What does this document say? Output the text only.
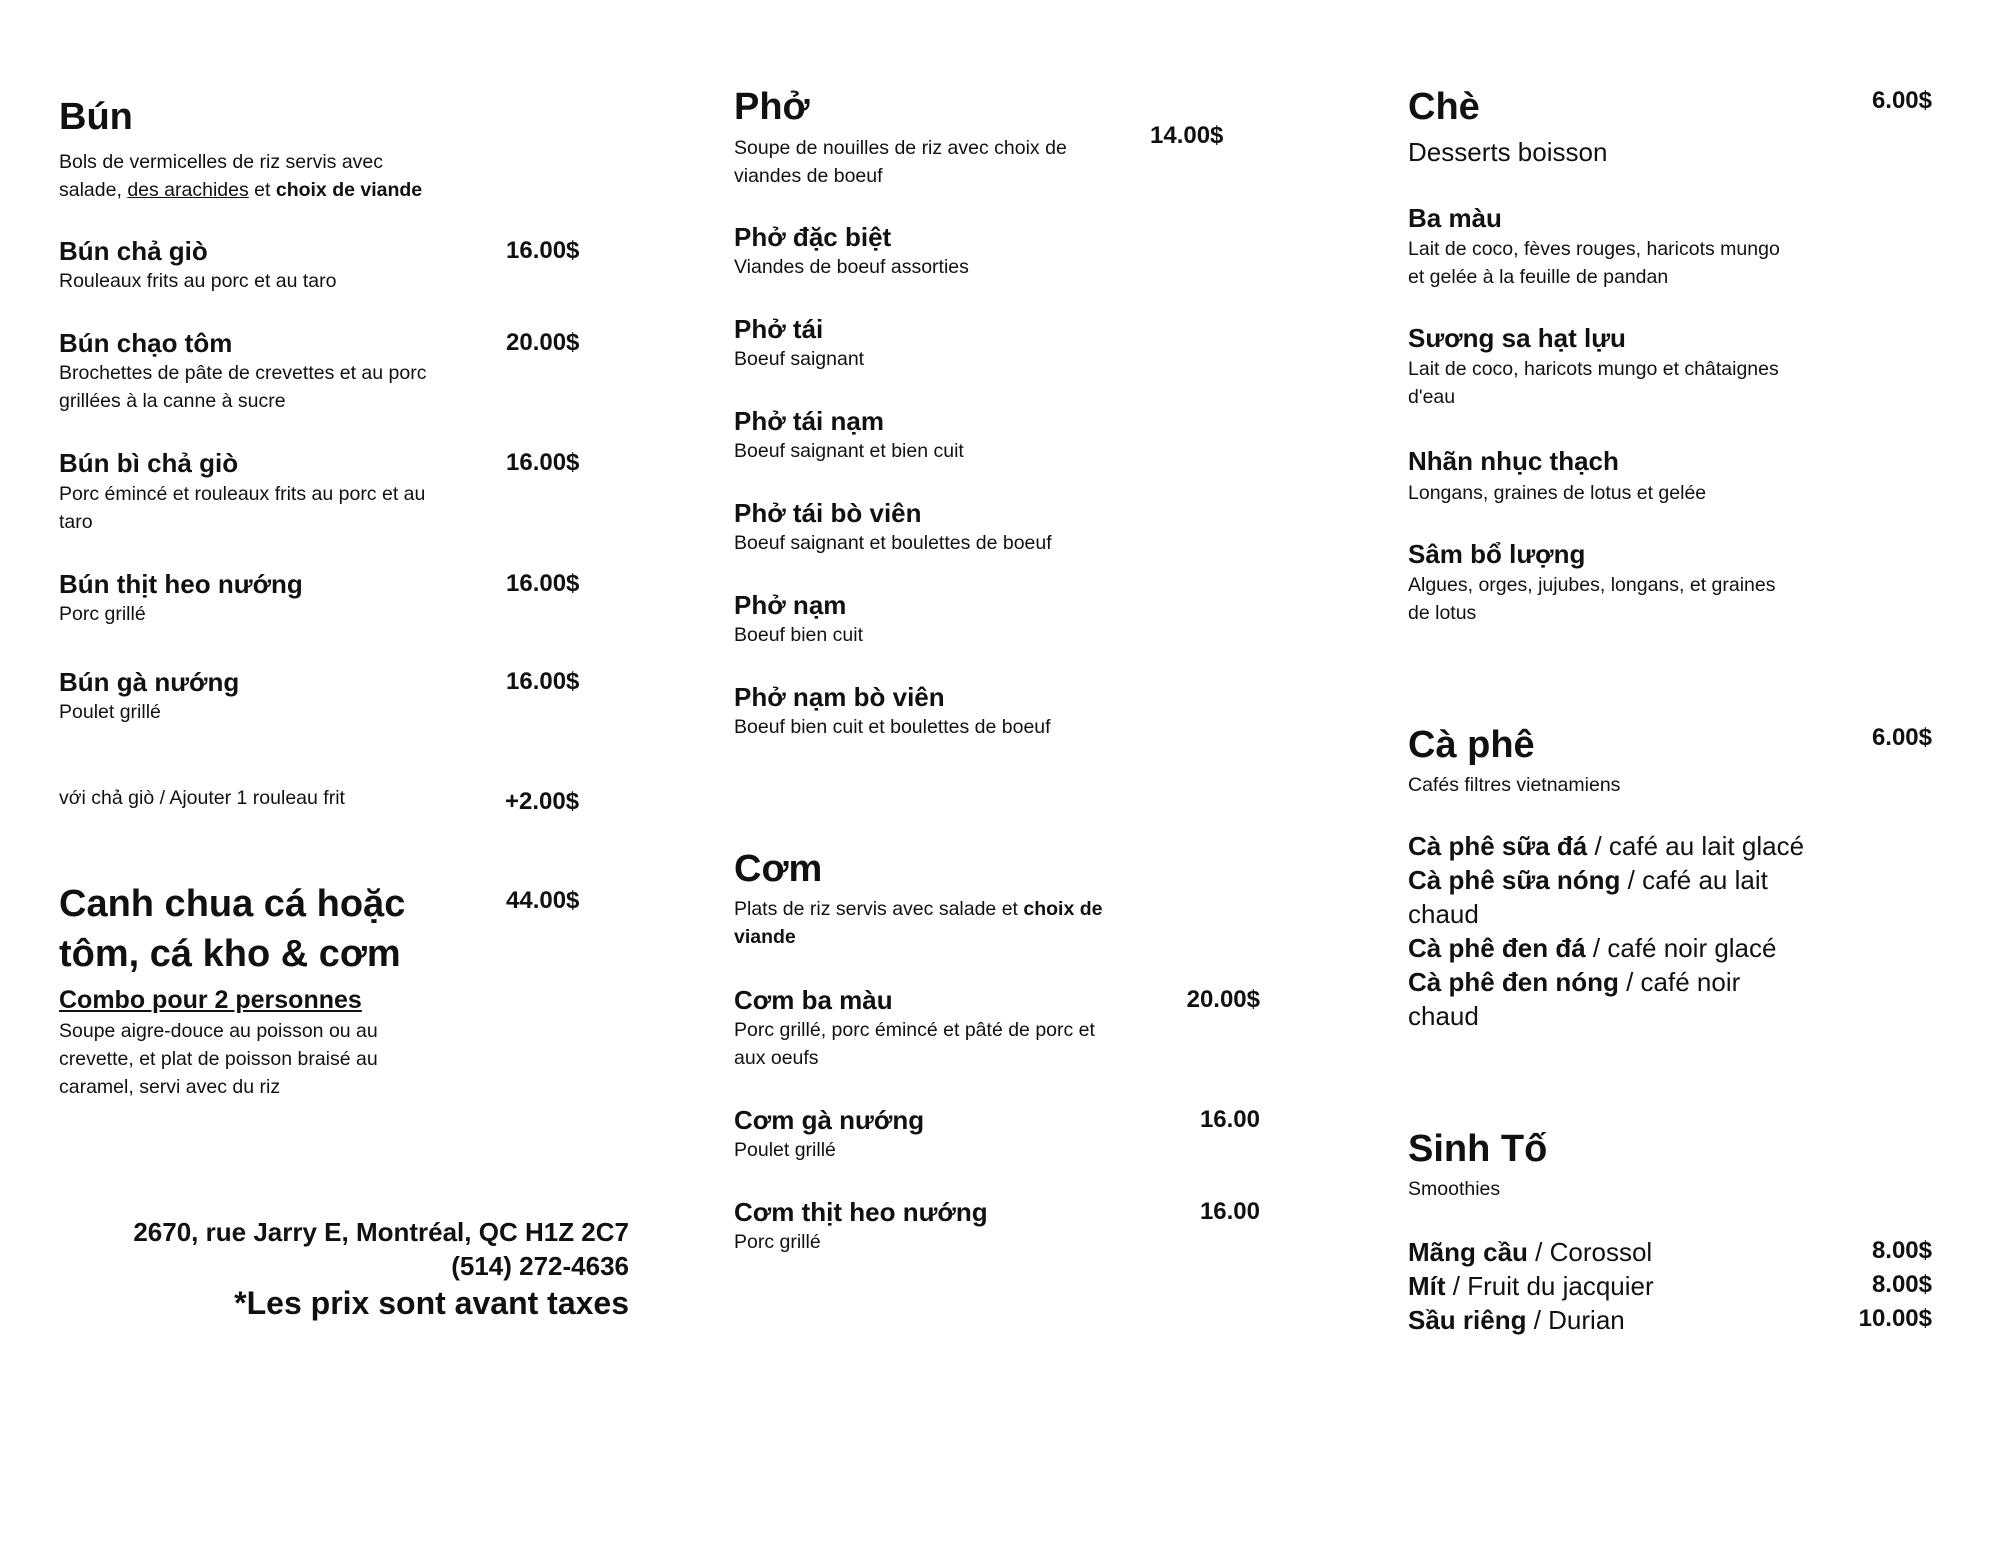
Bún
Bols de vermicelles de riz servis avec
salade, des arachides et choix de viande
Bún chả giò	16.00$
Rouleaux frits au porc et au taro
Bún chạo tôm	20.00$
Brochettes de pâte de crevettes et au porc
grillées à la canne à sucre
Bún bì chả giò	16.00$
Porc émincé et rouleaux frits au porc et au
taro
Bún thịt heo nướng	16.00$
Porc grillé
Bún gà nướng	16.00$
Poulet grillé
với chả giò / Ajouter 1 rouleau frit	+2.00$
Canh chua cá hoặc
tôm, cá kho & cơm
44.00$
Combo pour 2 personnes
Soupe aigre-douce au poisson ou au
crevette, et plat de poisson braisé au
caramel, servi avec du riz
2670, rue Jarry E, Montréal, QC H1Z 2C7
(514) 272-4636
*Les prix sont avant taxes
Phở
14.00$
Soupe de nouilles de riz avec choix de
viandes de boeuf
Phở đặc biệt
Viandes de boeuf assorties
Phở tái
Boeuf saignant
Phở tái nạm
Boeuf saignant et bien cuit
Phở tái bò viên
Boeuf saignant et boulettes de boeuf
Phở nạm
Boeuf bien cuit
Phở nạm bò viên
Boeuf bien cuit et boulettes de boeuf
Cơm
Plats de riz servis avec salade et choix de
viande
Cơm ba màu	20.00$
Porc grillé, porc émincé et pâté de porc et
aux oeufs
Cơm gà nướng	16.00
Poulet grillé
Cơm thịt heo nướng	16.00
Porc grillé
Chè	6.00$
Desserts boisson
Ba màu
Lait de coco, fèves rouges, haricots mungo
et gelée à la feuille de pandan
Sương sa hạt lựu
Lait de coco, haricots mungo et châtaignes
d'eau
Nhãn nhục thạch
Longans, graines de lotus et gelée
Sâm bổ lượng
Algues, orges, jujubes, longans, et graines
de lotus
Cà phê	6.00$
Cafés filtres vietnamiens
Cà phê sữa đá / café au lait glacé
Cà phê sữa nóng / café au lait
chaud
Cà phê đen đá / café noir glacé
Cà phê đen nóng / café noir
chaud
Sinh Tố
Smoothies
Mãng cầu / Corossol	8.00$
Mít / Fruit du jacquier	8.00$
Sầu riêng / Durian	10.00$
